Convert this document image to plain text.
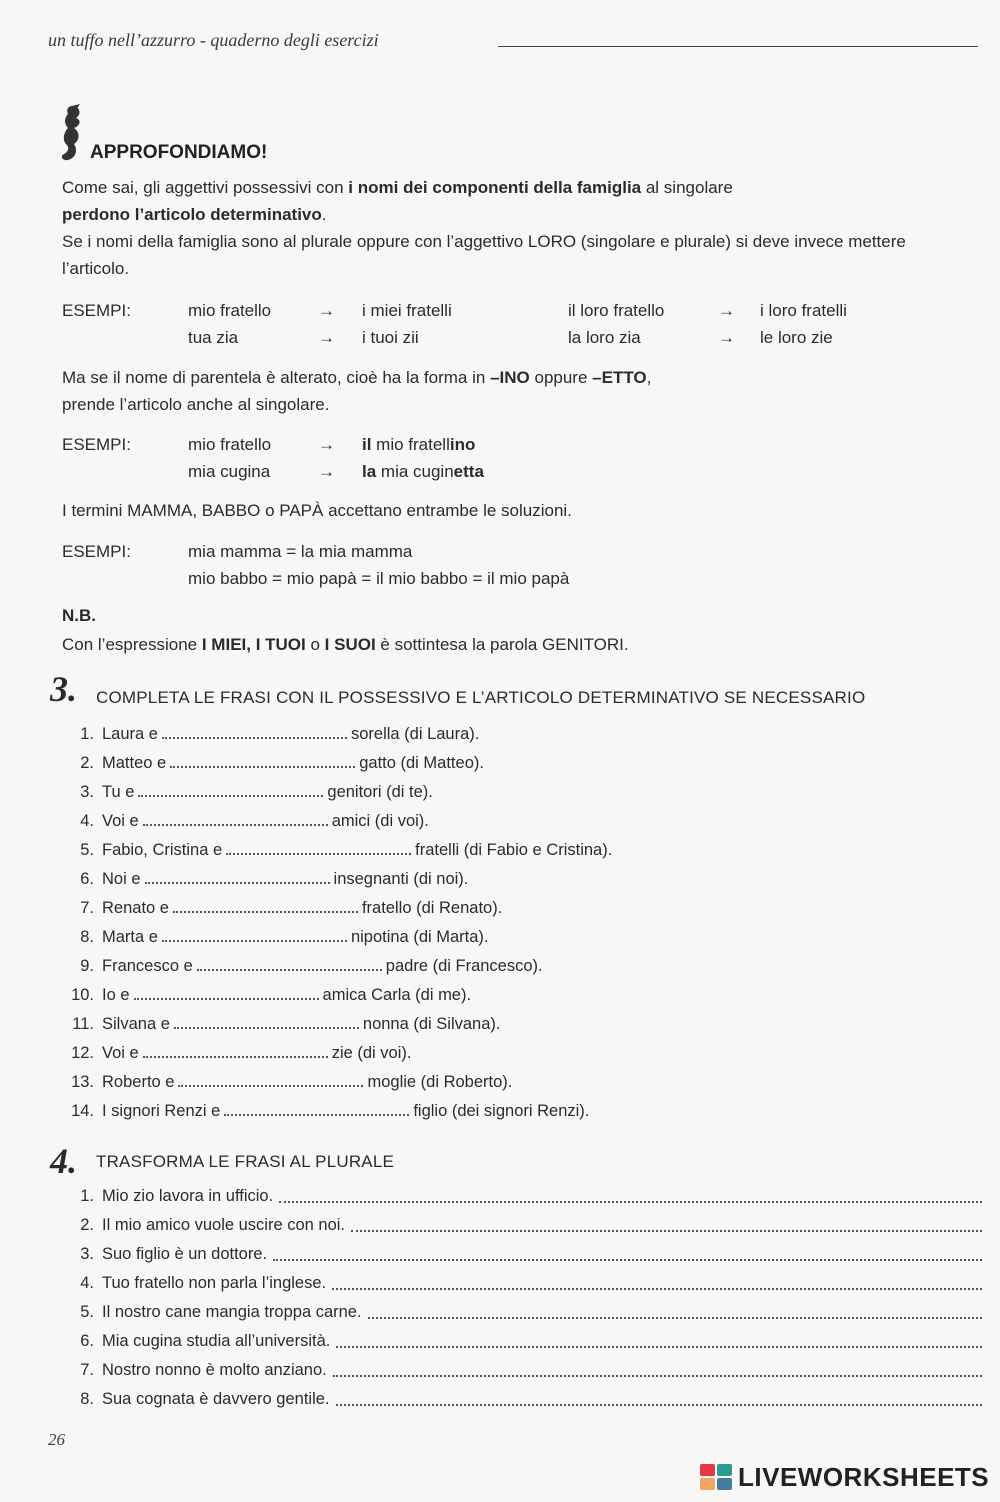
un tuffo nell’azzurro - quaderno degli esercizi
APPROFONDIAMO!
Come sai, gli aggettivi possessivi con i nomi dei componenti della famiglia al singolare
perdono l’articolo determinativo.
Se i nomi della famiglia sono al plurale oppure con l’aggettivo LORO (singolare e plurale) si deve invece mettere l’articolo.
ESEMPI:	mio fratello	→ i miei fratelli	il loro fratello	→ i loro fratelli
tua zia	→ i tuoi zii	la loro zia	→ le loro zie
Ma se il nome di parentela è alterato, cioè ha la forma in –INO oppure –ETTO,
prende l’articolo anche al singolare.
ESEMPI:	mio fratello	→ il mio fratellino
mia cugina	→ la mia cuginetta
I termini MAMMA, BABBO o PAPÀ accettano entrambe le soluzioni.
ESEMPI:	mia mamma = la mia mamma
mio babbo = mio papà = il mio babbo = il mio papà
N.B.
Con l’espressione I MIEI, I TUOI o I SUOI è sottintesa la parola GENITORI.
3. COMPLETA LE FRASI CON IL POSSESSIVO E L’ARTICOLO DETERMINATIVO SE NECESSARIO
1. Laura e	sorella (di Laura).
2. Matteo e	gatto (di Matteo).
3. Tu e	genitori (di te).
4. Voi e	amici (di voi).
5. Fabio, Cristina e	fratelli (di Fabio e Cristina).
6. Noi e	insegnanti (di noi).
7. Renato e	fratello (di Renato).
8. Marta e	nipotina (di Marta).
9. Francesco e	padre (di Francesco).
10. Io e	amica Carla (di me).
11. Silvana e	nonna (di Silvana).
12. Voi e	zie (di voi).
13. Roberto e	moglie (di Roberto).
14. I signori Renzi e	figlio (dei signori Renzi).
4. TRASFORMA LE FRASI AL PLURALE
1. Mio zio lavora in ufficio.
2. Il mio amico vuole uscire con noi.
3. Suo figlio è un dottore.
4. Tuo fratello non parla l’inglese.
5. Il nostro cane mangia troppa carne.
6. Mia cugina studia all’università.
7. Nostro nonno è molto anziano.
8. Sua cognata è davvero gentile.
26
LIVEWORKSHEETS
